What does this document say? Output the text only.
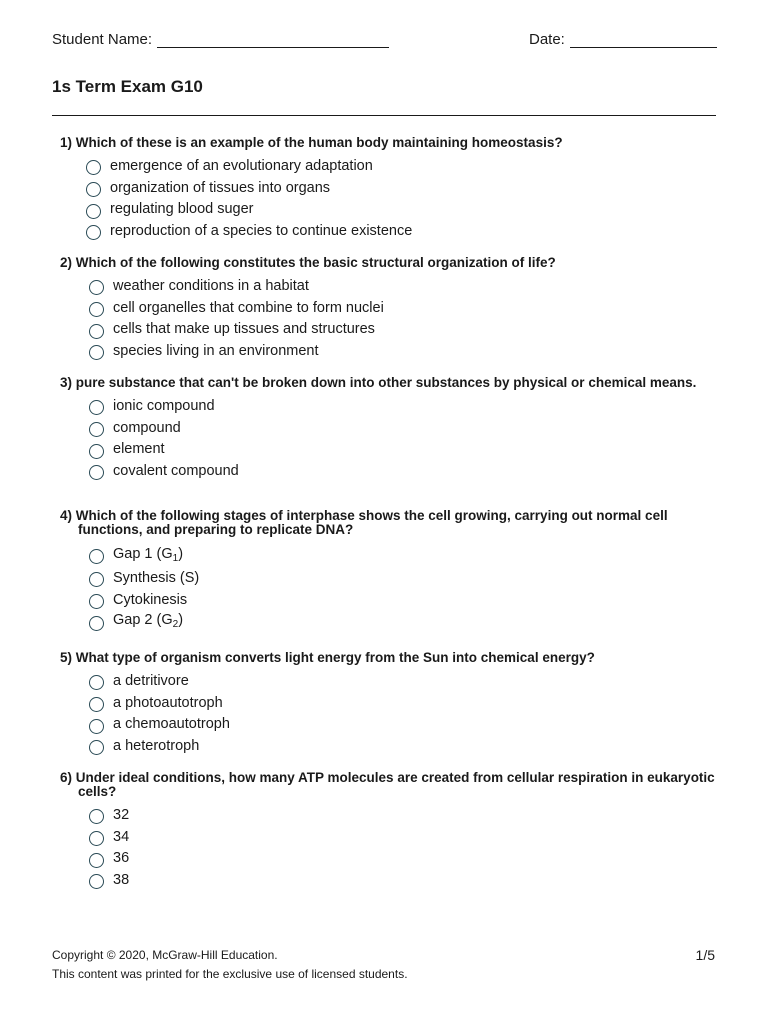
Student Name:	Date:
1s Term Exam G10
1) Which of these is an example of the human body maintaining homeostasis?
emergence of an evolutionary adaptation
organization of tissues into organs
regulating blood suger
reproduction of a species to continue existence
2) Which of the following constitutes the basic structural organization of life?
weather conditions in a habitat
cell organelles that combine to form nuclei
cells that make up tissues and structures
species living in an environment
3) pure substance that can't be broken down into other substances by physical or chemical means.
ionic compound
compound
element
covalent compound
4) Which of the following stages of interphase shows the cell growing, carrying out normal cell functions, and preparing to replicate DNA?
Gap 1 $(G_1)$
Synthesis (S)
Cytokinesis
Gap 2 $(G_2)$
5) What type of organism converts light energy from the Sun into chemical energy?
a detritivore
a photoautotroph
a chemoautotroph
a heterotroph
6) Under ideal conditions, how many ATP molecules are created from cellular respiration in eukaryotic cells?
32
34
36
38
Copyright © 2020, McGraw-Hill Education.
This content was printed for the exclusive use of licensed students.
1/5
